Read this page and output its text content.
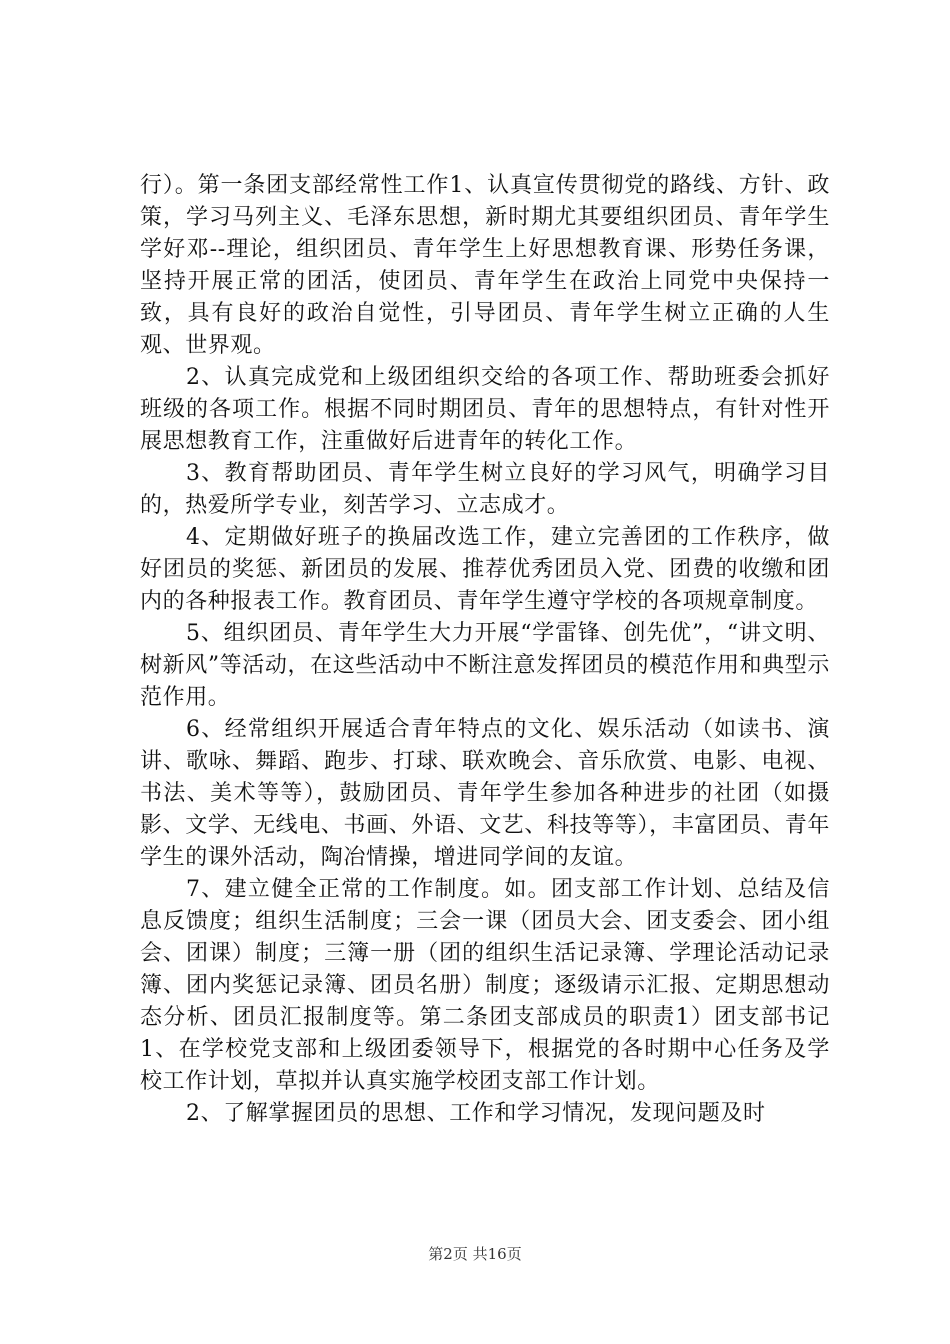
行）。第一条团支部经常性工作1、认真宣传贯彻党的路线、方针、政策，学习马列主义、毛泽东思想，新时期尤其要组织团员、青年学生学好邓--理论，组织团员、青年学生上好思想教育课、形势任务课，坚持开展正常的团活，使团员、青年学生在政治上同党中央保持一致，具有良好的政治自觉性，引导团员、青年学生树立正确的人生观、世界观。

2、认真完成党和上级团组织交给的各项工作、帮助班委会抓好班级的各项工作。根据不同时期团员、青年的思想特点，有针对性开展思想教育工作，注重做好后进青年的转化工作。

3、教育帮助团员、青年学生树立良好的学习风气，明确学习目的，热爱所学专业，刻苦学习、立志成才。

4、定期做好班子的换届改选工作，建立完善团的工作秩序，做好团员的奖惩、新团员的发展、推荐优秀团员入党、团费的收缴和团内的各种报表工作。教育团员、青年学生遵守学校的各项规章制度。

5、组织团员、青年学生大力开展“学雷锋、创先优”，“讲文明、树新风”等活动，在这些活动中不断注意发挥团员的模范作用和典型示范作用。

6、经常组织开展适合青年特点的文化、娱乐活动（如读书、演讲、歌咏、舞蹈、跑步、打球、联欢晚会、音乐欣赏、电影、电视、书法、美术等等），鼓励团员、青年学生参加各种进步的社团（如摄影、文学、无线电、书画、外语、文艺、科技等等），丰富团员、青年学生的课外活动，陶冶情操，增进同学间的友谊。

7、建立健全正常的工作制度。如。团支部工作计划、总结及信息反馈度；组织生活制度；三会一课（团员大会、团支委会、团小组会、团课）制度；三簿一册（团的组织生活记录簿、学理论活动记录簿、团内奖惩记录簿、团员名册）制度；逐级请示汇报、定期思想动态分析、团员汇报制度等。第二条团支部成员的职责1）团支部书记1、在学校党支部和上级团委领导下，根据党的各时期中心任务及学校工作计划，草拟并认真实施学校团支部工作计划。

2、了解掌握团员的思想、工作和学习情况，发现问题及时

第2页 共16页
